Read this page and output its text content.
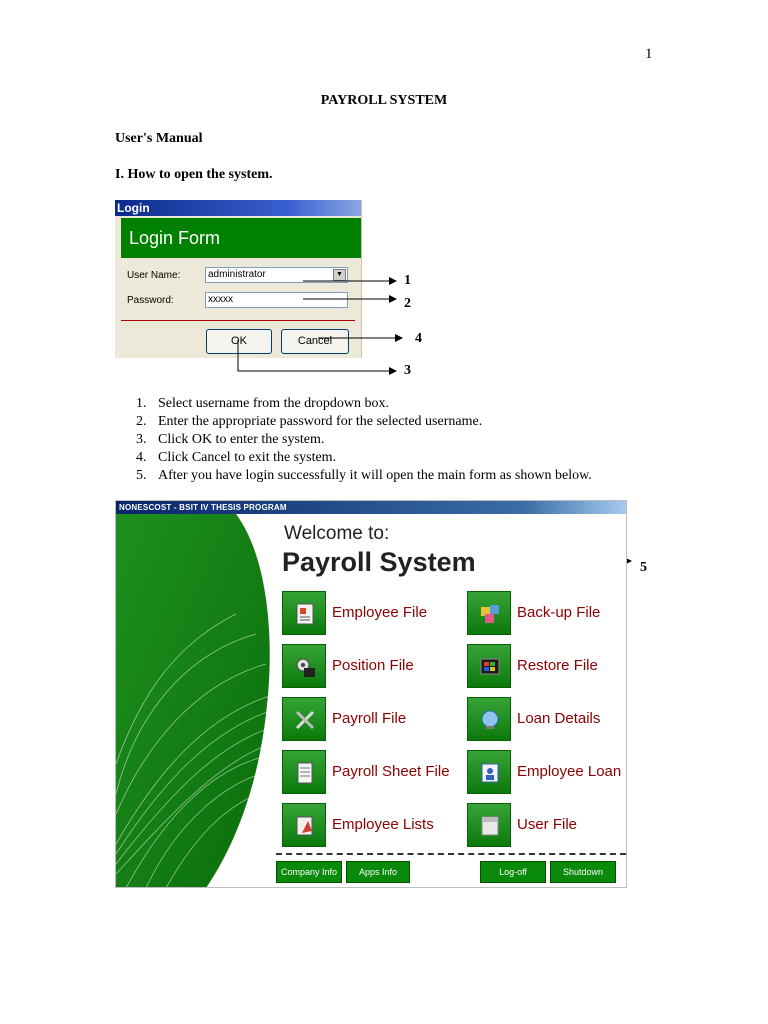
1
PAYROLL SYSTEM
User's Manual
I. How to open the system.
Login
Login Form
User Name:	administrator	▼
Password:	xxxxx
OK	Cancel
1
2
3
4
5
1. Select username from the dropdown box.
2. Enter the appropriate password for the selected username.
3. Click OK to enter the system.
4. Click Cancel to exit the system.
5. After you have login successfully it will open the main form as shown below.
NONESCOST - BSIT IV THESIS PROGRAM
Welcome to:
Payroll System
Employee File
Position File
Payroll File
Payroll Sheet File
Employee Lists
Back-up File
Restore File
Loan Details
Employee Loan
User File
Company Info	Apps Info	Log-off	Shutdown
